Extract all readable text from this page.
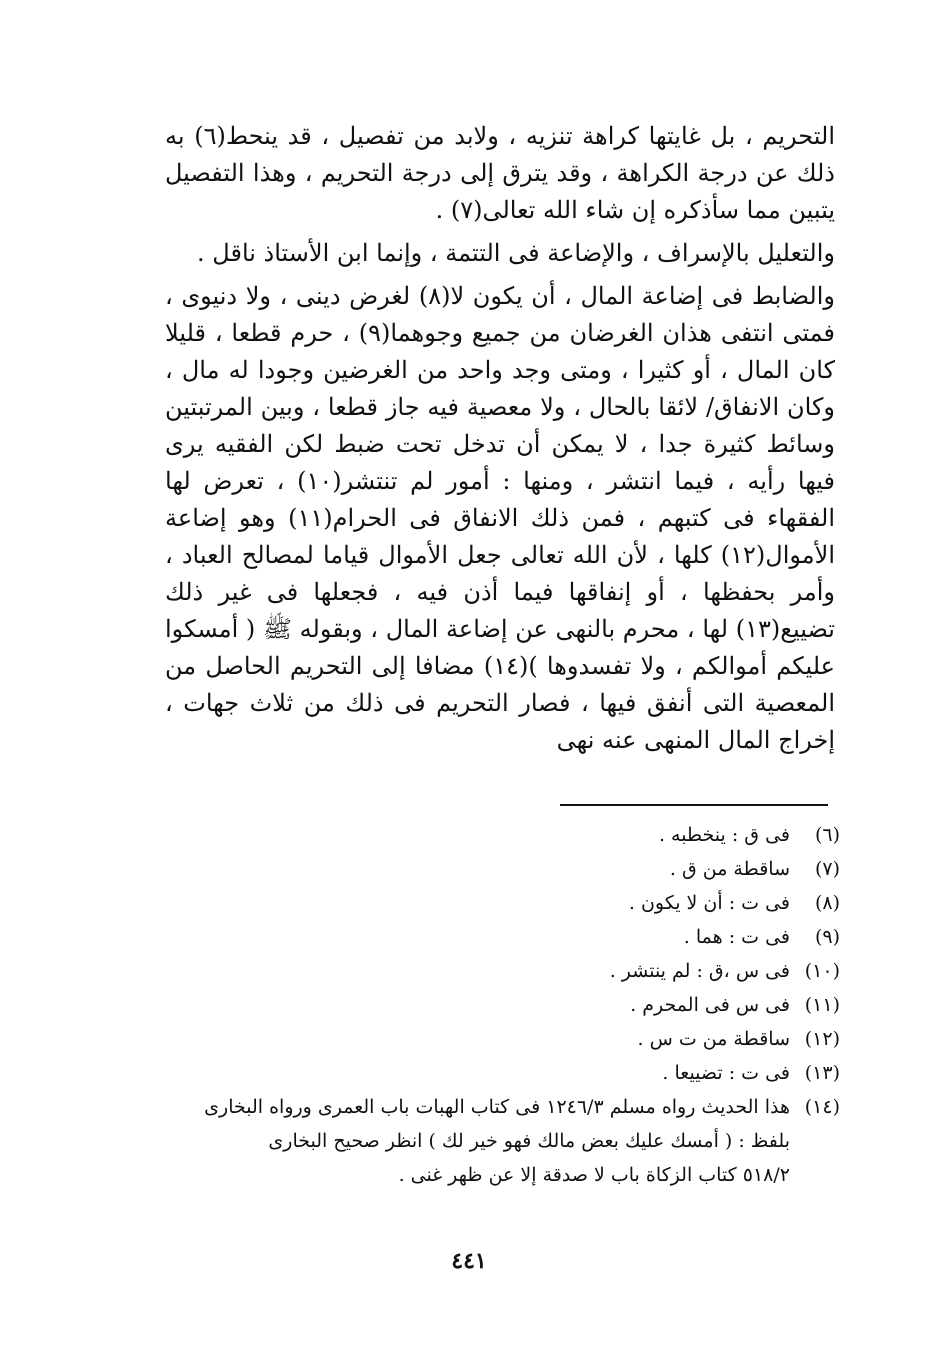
التحريم ، بل غايتها كراهة تنزيه ، ولابد من تفصيل ، قد ينحط(٦) به ذلك عن درجة الكراهة ، وقد يترق إلى درجة التحريم ، وهذا التفصيل يتبين مما سأذكره إن شاء الله تعالى(٧) .

والتعليل بالإسراف ، والإضاعة فى التتمة ، وإنما ابن الأستاذ ناقل .

والضابط فى إضاعة المال ، أن يكون لا(٨) لغرض دينى ، ولا دنيوى ، فمتى انتفى هذان الغرضان من جميع وجوهما(٩) ، حرم قطعا ، قليلا كان المال ، أو كثيرا ، ومتى وجد واحد من الغرضين وجودا له مال ، وكان الانفاق/ لائقا بالحال ، ولا معصية فيه جاز قطعا ، وبين المرتبتين وسائط كثيرة جدا ، لا يمكن أن تدخل تحت ضبط لكن الفقيه يرى فيها رأيه ، فيما انتشر ، ومنها : أمور لم تنتشر(١٠) ، تعرض لها الفقهاء فى كتبهم ، فمن ذلك الانفاق فى الحرام(١١) وهو إضاعة الأموال(١٢) كلها ، لأن الله تعالى جعل الأموال قياما لمصالح العباد ، وأمر بحفظها ، أو إنفاقها فيما أذن فيه ، فجعلها فى غير ذلك تضييع(١٣) لها ، محرم بالنهى عن إضاعة المال ، وبقوله ﷺ ( أمسكوا عليكم أموالكم ، ولا تفسدوها )(١٤) مضافا إلى التحريم الحاصل من المعصية التى أنفق فيها ، فصار التحريم فى ذلك من ثلاث جهات ، إخراج المال المنهى عنه نهى

(٦)
فى ق : ينخطبه .
(٧)
ساقطة من ق .
(٨)
فى ت : أن لا يكون .
(٩)
فى ت : هما .
(١٠)
فى س ،ق : لم ينتشر .
(١١)
فى س فى المحرم .
(١٢)
ساقطة من ت س .
(١٣)
فى ت : تضييعا .
(١٤)
هذا الحديث رواه مسلم ١٢٤٦/٣ فى كتاب الهبات باب العمرى ورواه البخارى
بلفظ : ( أمسك عليك بعض مالك فهو خير لك ) انظر صحيح البخارى
٥١٨/٢ كتاب الزكاة باب لا صدقة إلا عن ظهر غنى .
٤٤١
